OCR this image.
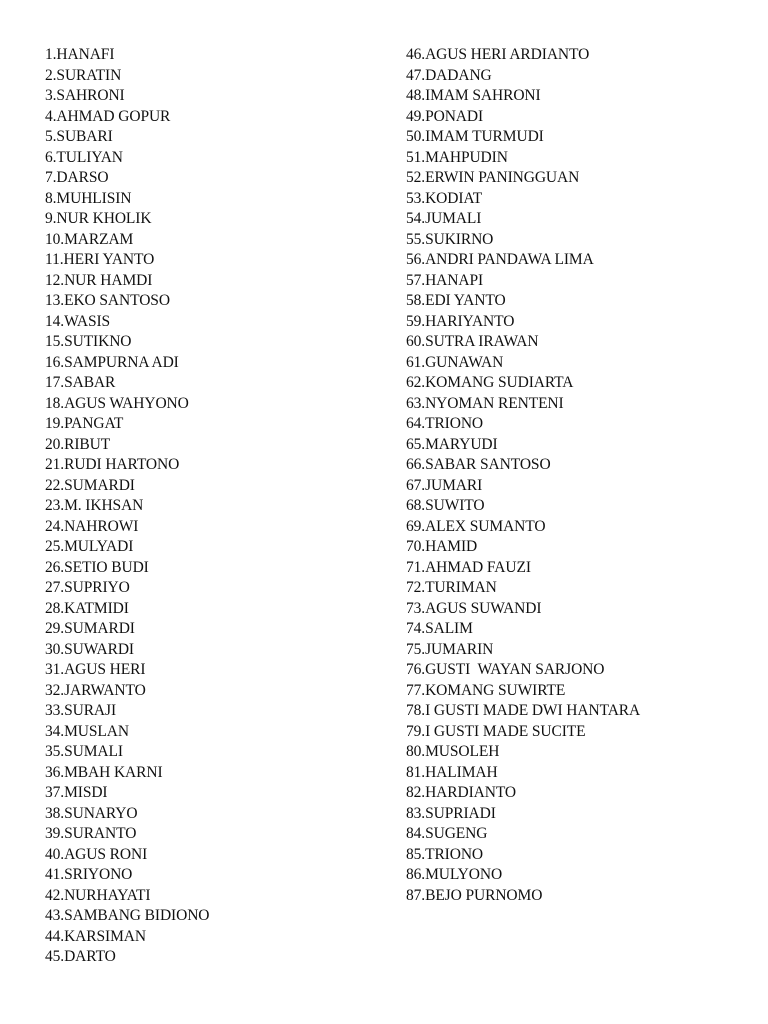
1.HANAFI
2.SURATIN
3.SAHRONI
4.AHMAD GOPUR
5.SUBARI
6.TULIYAN
7.DARSO
8.MUHLISIN
9.NUR KHOLIK
10.MARZAM
11.HERI YANTO
12.NUR HAMDI
13.EKO SANTOSO
14.WASIS
15.SUTIKNO
16.SAMPURNA ADI
17.SABAR
18.AGUS WAHYONO
19.PANGAT
20.RIBUT
21.RUDI HARTONO
22.SUMARDI
23.M. IKHSAN
24.NAHROWI
25.MULYADI
26.SETIO BUDI
27.SUPRIYO
28.KATMIDI
29.SUMARDI
30.SUWARDI
31.AGUS HERI
32.JARWANTO
33.SURAJI
34.MUSLAN
35.SUMALI
36.MBAH KARNI
37.MISDI
38.SUNARYO
39.SURANTO
40.AGUS RONI
41.SRIYONO
42.NURHAYATI
43.SAMBANG BIDIONO
44.KARSIMAN
45.DARTO
46.AGUS HERI ARDIANTO
47.DADANG
48.IMAM SAHRONI
49.PONADI
50.IMAM TURMUDI
51.MAHPUDIN
52.ERWIN PANINGGUAN
53.KODIAT
54.JUMALI
55.SUKIRNO
56.ANDRI PANDAWA LIMA
57.HANAPI
58.EDI YANTO
59.HARIYANTO
60.SUTRA IRAWAN
61.GUNAWAN
62.KOMANG SUDIARTA
63.NYOMAN RENTENI
64.TRIONO
65.MARYUDI
66.SABAR SANTOSO
67.JUMARI
68.SUWITO
69.ALEX SUMANTO
70.HAMID
71.AHMAD FAUZI
72.TURIMAN
73.AGUS SUWANDI
74.SALIM
75.JUMARIN
76.GUSTI  WAYAN SARJONO
77.KOMANG SUWIRTE
78.I GUSTI MADE DWI HANTARA
79.I GUSTI MADE SUCITE
80.MUSOLEH
81.HALIMAH
82.HARDIANTO
83.SUPRIADI
84.SUGENG
85.TRIONO
86.MULYONO
87.BEJO PURNOMO
